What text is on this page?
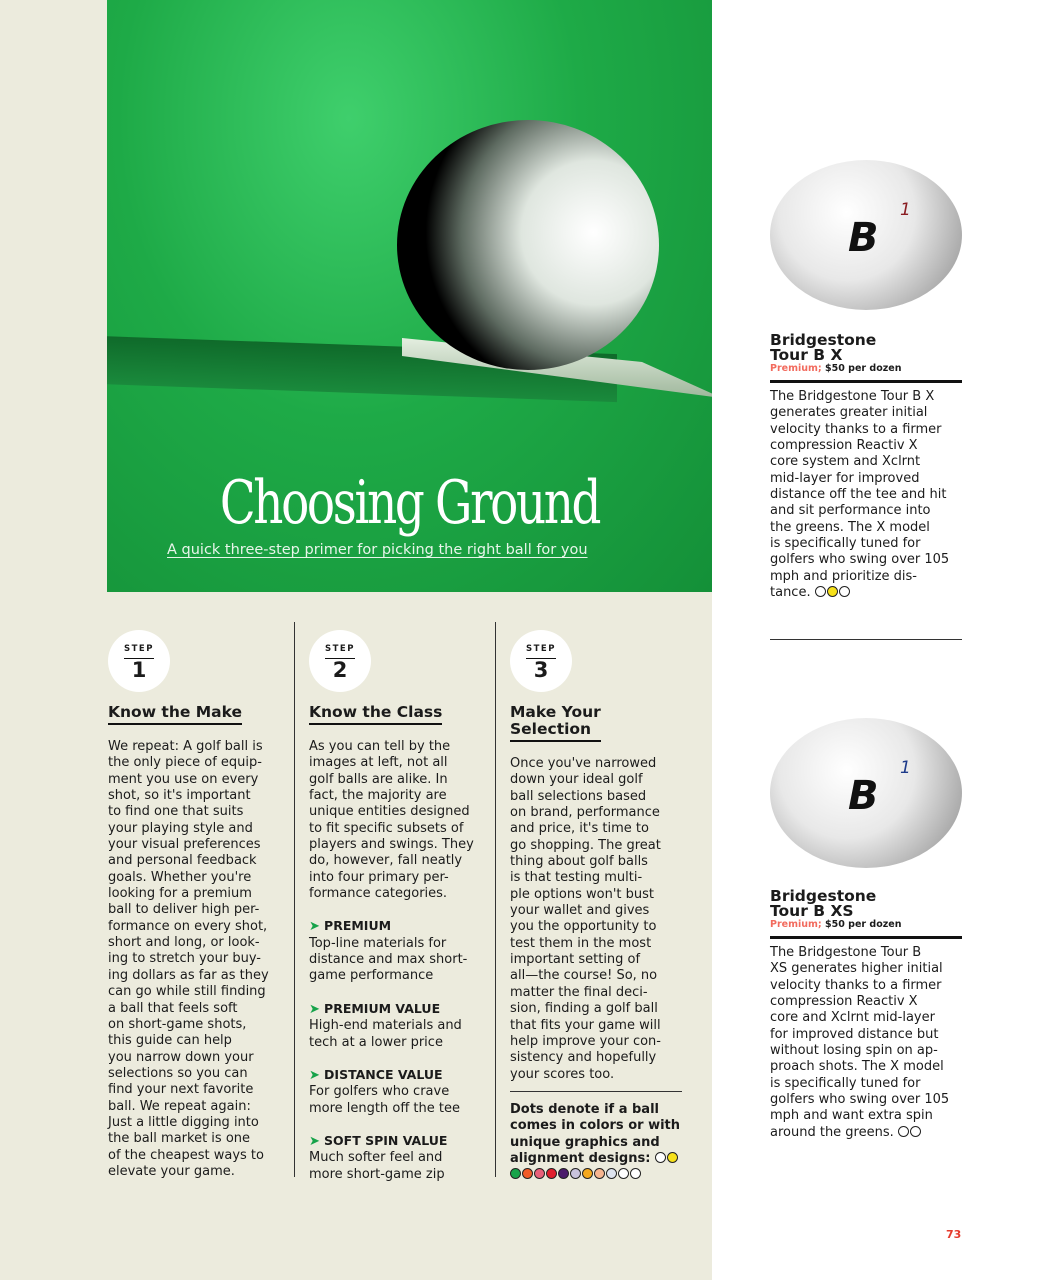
Choosing Ground
A quick three-step primer for picking the right ball for you
STEP
1
Know the Make
We repeat: A golf ball is
the only piece of equip-
ment you use on every
shot, so it's important
to find one that suits
your playing style and
your visual preferences
and personal feedback
goals. Whether you're
looking for a premium
ball to deliver high per-
formance on every shot,
short and long, or look-
ing to stretch your buy-
ing dollars as far as they
can go while still finding
a ball that feels soft
on short-game shots,
this guide can help
you narrow down your
selections so you can
find your next favorite
ball. We repeat again:
Just a little digging into
the ball market is one
of the cheapest ways to
elevate your game.
STEP
2
Know the Class
As you can tell by the
images at left, not all
golf balls are alike. In
fact, the majority are
unique entities designed
to fit specific subsets of
players and swings. They
do, however, fall neatly
into four primary per-
formance categories.
➤ PREMIUM
Top-line materials for
distance and max short-
game performance
➤ PREMIUM VALUE
High-end materials and
tech at a lower price
➤ DISTANCE VALUE
For golfers who crave
more length off the tee
➤ SOFT SPIN VALUE
Much softer feel and
more short-game zip
STEP
3
Make Your
Selection
Once you've narrowed
down your ideal golf
ball selections based
on brand, performance
and price, it's time to
go shopping. The great
thing about golf balls
is that testing multi-
ple options won't bust
your wallet and gives
you the opportunity to
test them in the most
important setting of
all—the course! So, no
matter the final deci-
sion, finding a golf ball
that fits your game will
help improve your con-
sistency and hopefully
your scores too.
Dots denote if a ball
comes in colors or with
unique graphics and
alignment designs:
B
1
Bridgestone
Tour B X
Premium; $50 per dozen
The Bridgestone Tour B X
generates greater initial
velocity thanks to a firmer
compression Reactiv X
core system and Xclrnt
mid-layer for improved
distance off the tee and hit
and sit performance into
the greens. The X model
is specifically tuned for
golfers who swing over 105
mph and prioritize dis-
tance.
B
1
Bridgestone
Tour B XS
Premium; $50 per dozen
The Bridgestone Tour B
XS generates higher initial
velocity thanks to a firmer
compression Reactiv X
core and Xclrnt mid-layer
for improved distance but
without losing spin on ap-
proach shots. The X model
is specifically tuned for
golfers who swing over 105
mph and want extra spin
around the greens.
73
